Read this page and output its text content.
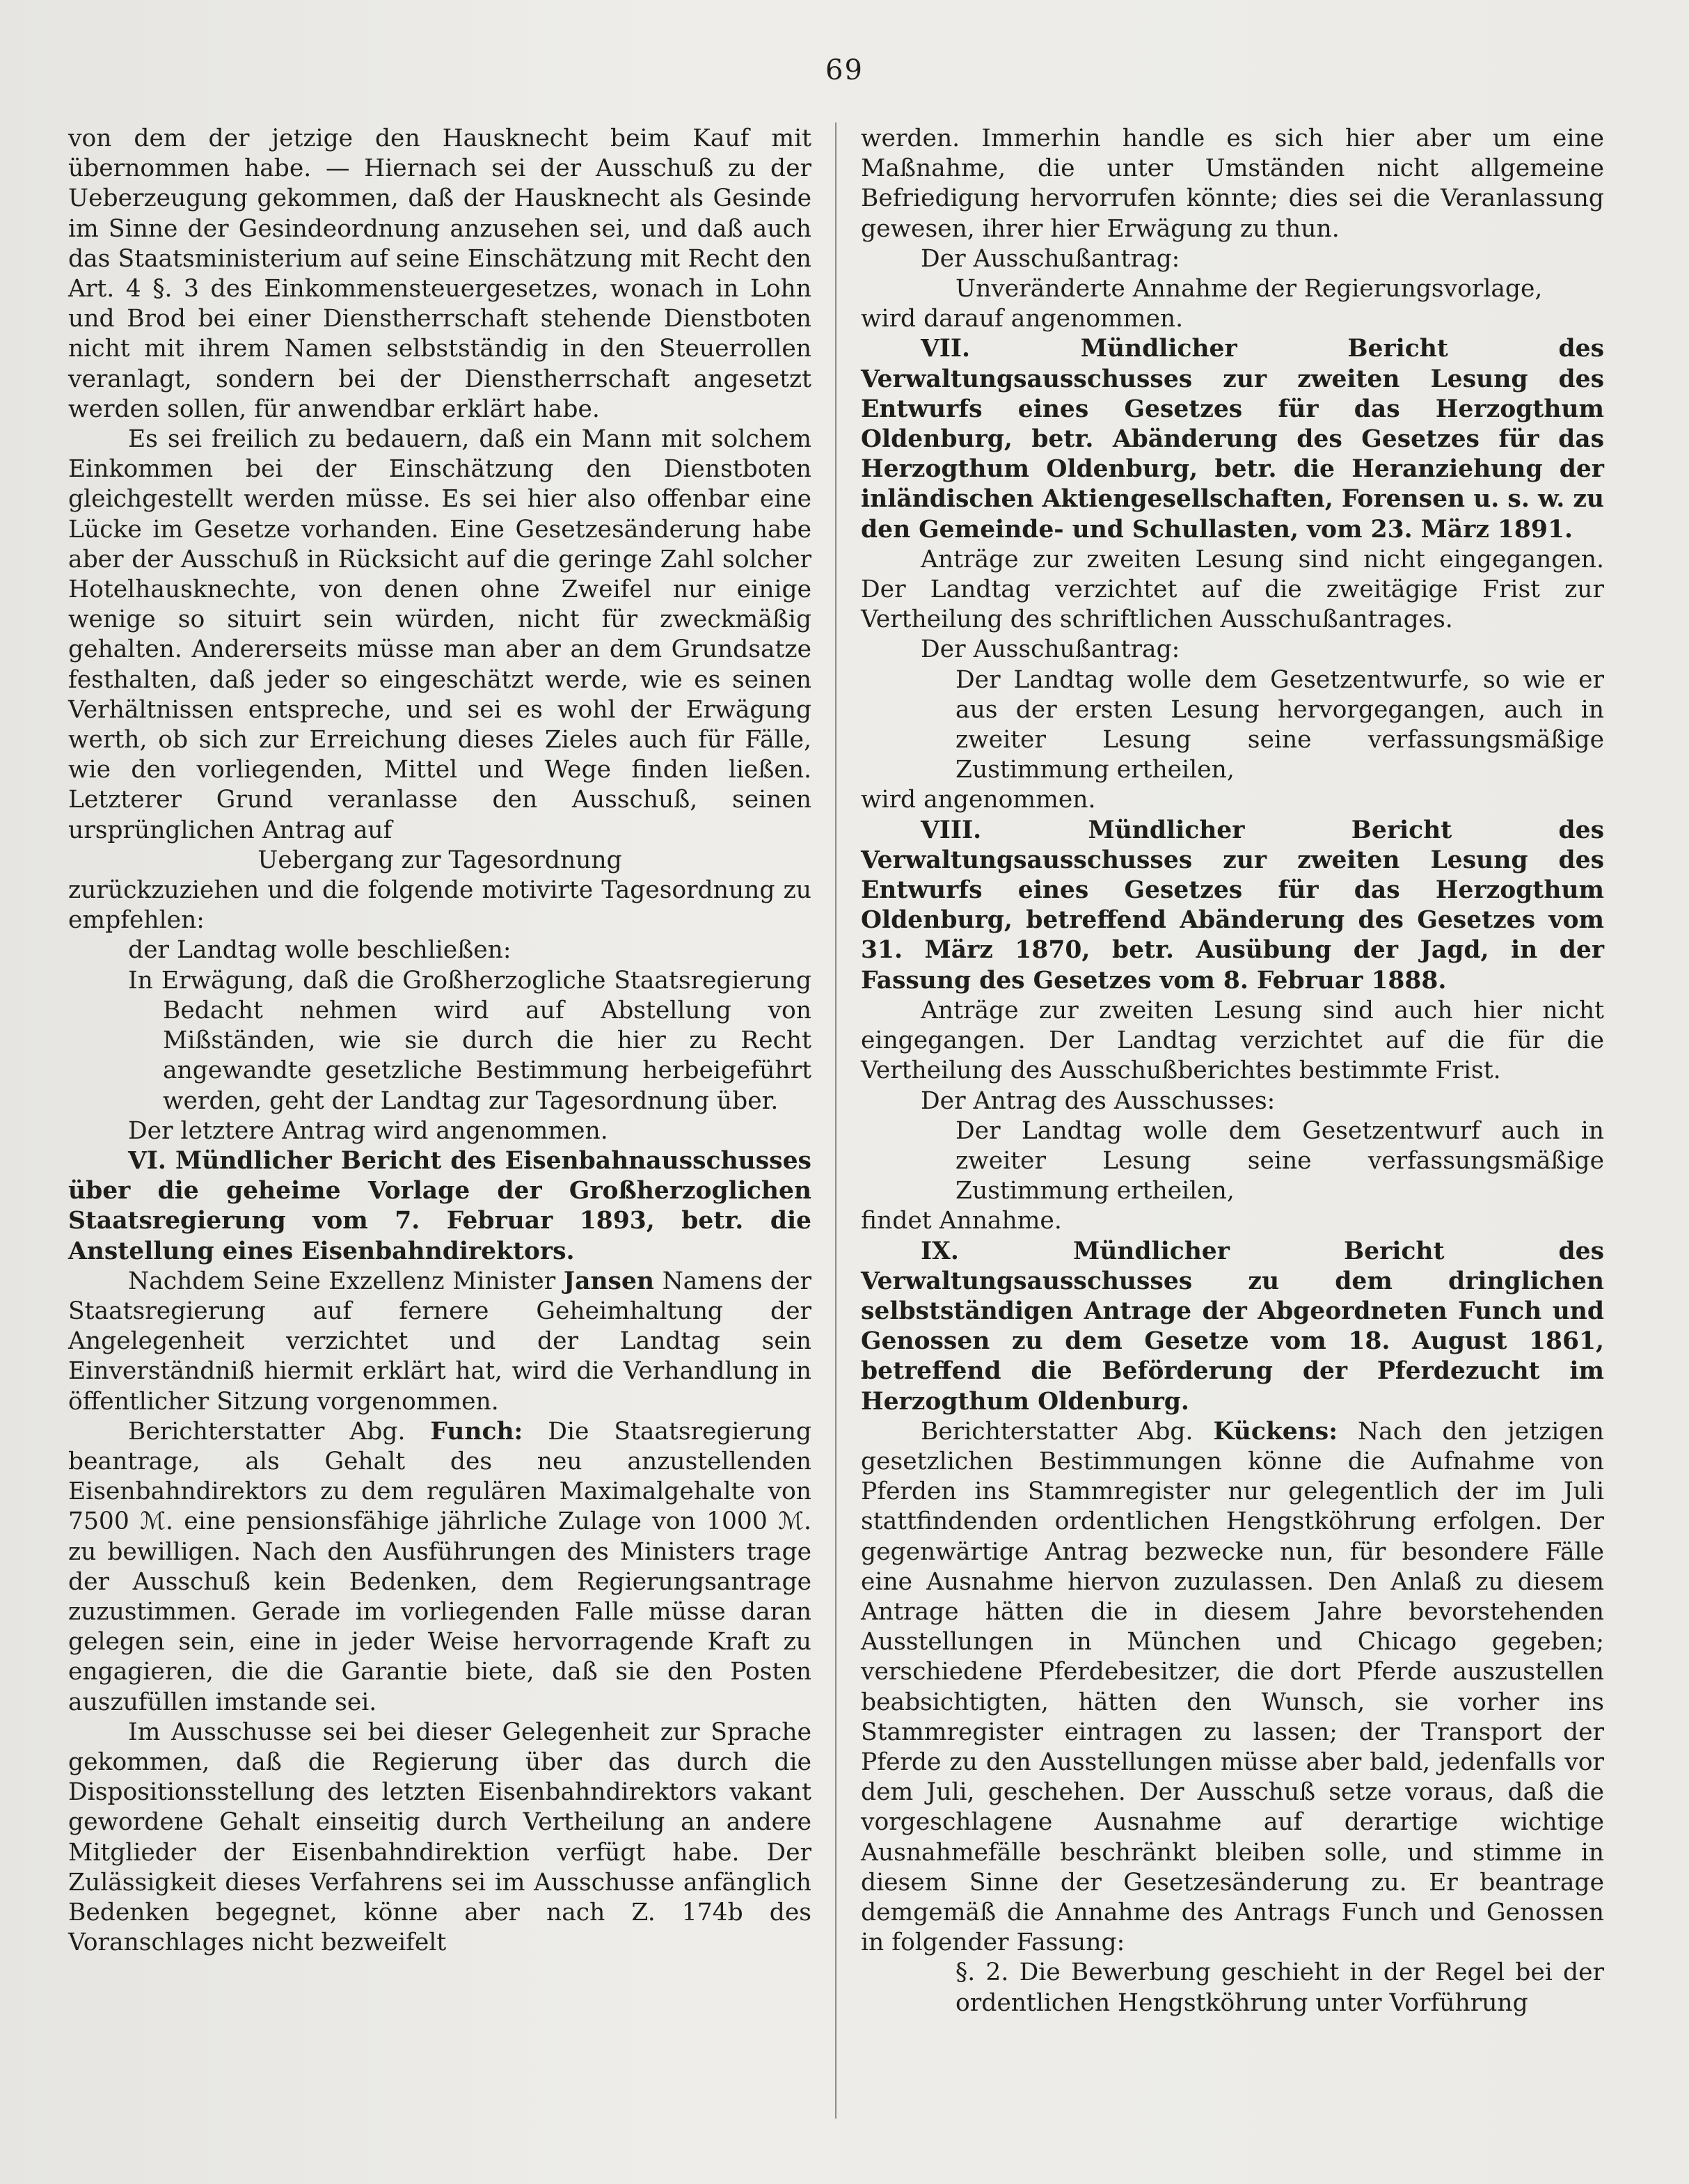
69

von dem der jetzige den Hausknecht beim Kauf mit übernommen habe. — Hiernach sei der Ausschuß zu der Ueberzeugung gekommen, daß der Hausknecht als Gesinde im Sinne der Gesindeordnung anzusehen sei, und daß auch das Staatsministerium auf seine Einschätzung mit Recht den Art. 4 §. 3 des Einkommensteuergesetzes, wonach in Lohn und Brod bei einer Dienstherrschaft stehende Dienstboten nicht mit ihrem Namen selbstständig in den Steuerrollen veranlagt, sondern bei der Dienstherrschaft angesetzt werden sollen, für anwendbar erklärt habe.

Es sei freilich zu bedauern, daß ein Mann mit solchem Einkommen bei der Einschätzung den Dienstboten gleichgestellt werden müsse. Es sei hier also offenbar eine Lücke im Gesetze vorhanden. Eine Gesetzesänderung habe aber der Ausschuß in Rücksicht auf die geringe Zahl solcher Hotelhausknechte, von denen ohne Zweifel nur einige wenige so situirt sein würden, nicht für zweckmäßig gehalten. Andererseits müsse man aber an dem Grundsatze festhalten, daß jeder so eingeschätzt werde, wie es seinen Verhältnissen entspreche, und sei es wohl der Erwägung werth, ob sich zur Erreichung dieses Zieles auch für Fälle, wie den vorliegenden, Mittel und Wege finden ließen. Letzterer Grund veranlasse den Ausschuß, seinen ursprünglichen Antrag auf

Uebergang zur Tagesordnung

zurückzuziehen und die folgende motivirte Tagesordnung zu empfehlen:

der Landtag wolle beschließen:

In Erwägung, daß die Großherzogliche Staatsregierung Bedacht nehmen wird auf Abstellung von Mißständen, wie sie durch die hier zu Recht angewandte gesetzliche Bestimmung herbeigeführt werden, geht der Landtag zur Tagesordnung über.

Der letztere Antrag wird angenommen.

VI. Mündlicher Bericht des Eisenbahnausschusses über die geheime Vorlage der Großherzoglichen Staatsregierung vom 7. Februar 1893, betr. die Anstellung eines Eisenbahndirektors.

Nachdem Seine Exzellenz Minister Jansen Namens der Staatsregierung auf fernere Geheimhaltung der Angelegenheit verzichtet und der Landtag sein Einverständniß hiermit erklärt hat, wird die Verhandlung in öffentlicher Sitzung vorgenommen.

Berichterstatter Abg. Funch: Die Staatsregierung beantrage, als Gehalt des neu anzustellenden Eisenbahndirektors zu dem regulären Maximalgehalte von 7500 ℳ. eine pensionsfähige jährliche Zulage von 1000 ℳ. zu bewilligen. Nach den Ausführungen des Ministers trage der Ausschuß kein Bedenken, dem Regierungsantrage zuzustimmen. Gerade im vorliegenden Falle müsse daran gelegen sein, eine in jeder Weise hervorragende Kraft zu engagieren, die die Garantie biete, daß sie den Posten auszufüllen imstande sei.

Im Ausschusse sei bei dieser Gelegenheit zur Sprache gekommen, daß die Regierung über das durch die Dispositionsstellung des letzten Eisenbahndirektors vakant gewordene Gehalt einseitig durch Vertheilung an andere Mitglieder der Eisenbahndirektion verfügt habe. Der Zulässigkeit dieses Verfahrens sei im Ausschusse anfänglich Bedenken begegnet, könne aber nach Z. 174b des Voranschlages nicht bezweifelt

werden. Immerhin handle es sich hier aber um eine Maßnahme, die unter Umständen nicht allgemeine Befriedigung hervorrufen könnte; dies sei die Veranlassung gewesen, ihrer hier Erwägung zu thun.

Der Ausschußantrag:

Unveränderte Annahme der Regierungsvorlage,

wird darauf angenommen.

VII.	Mündlicher Bericht des Verwaltungsausschusses zur zweiten Lesung des Entwurfs eines Gesetzes für das Herzogthum Oldenburg, betr. Abänderung des Gesetzes für das Herzogthum Oldenburg, betr. die Heranziehung der inländischen Aktiengesellschaften, Forensen u. s. w. zu den Gemeinde- und Schullasten, vom 23. März 1891.

Anträge zur zweiten Lesung sind nicht eingegangen. Der Landtag verzichtet auf die zweitägige Frist zur Vertheilung des schriftlichen Ausschußantrages.

Der Ausschußantrag:

Der Landtag wolle dem Gesetzentwurfe, so wie er aus der ersten Lesung hervorgegangen, auch in zweiter Lesung seine verfassungsmäßige Zustimmung ertheilen,

wird angenommen.

VIII.	Mündlicher Bericht des Verwaltungsausschusses zur zweiten Lesung des Entwurfs eines Gesetzes für das Herzogthum Oldenburg, betreffend Abänderung des Gesetzes vom 31. März 1870, betr. Ausübung der Jagd, in der Fassung des Gesetzes vom 8. Februar 1888.

Anträge zur zweiten Lesung sind auch hier nicht eingegangen. Der Landtag verzichtet auf die für die Vertheilung des Ausschußberichtes bestimmte Frist.

Der Antrag des Ausschusses:

Der Landtag wolle dem Gesetzentwurf auch in zweiter Lesung seine verfassungsmäßige Zustimmung ertheilen,

findet Annahme.

IX.	Mündlicher Bericht des Verwaltungsausschusses zu dem dringlichen selbstständigen Antrage der Abgeordneten Funch und Genossen zu dem Gesetze vom 18. August 1861, betreffend die Beförderung der Pferdezucht im Herzogthum Oldenburg.

Berichterstatter Abg. Kückens: Nach den jetzigen gesetzlichen Bestimmungen könne die Aufnahme von Pferden ins Stammregister nur gelegentlich der im Juli stattfindenden ordentlichen Hengstköhrung erfolgen. Der gegenwärtige Antrag bezwecke nun, für besondere Fälle eine Ausnahme hiervon zuzulassen. Den Anlaß zu diesem Antrage hätten die in diesem Jahre bevorstehenden Ausstellungen in München und Chicago gegeben; verschiedene Pferdebesitzer, die dort Pferde auszustellen beabsichtigten, hätten den Wunsch, sie vorher ins Stammregister eintragen zu lassen; der Transport der Pferde zu den Ausstellungen müsse aber bald, jedenfalls vor dem Juli, geschehen. Der Ausschuß setze voraus, daß die vorgeschlagene Ausnahme auf derartige wichtige Ausnahmefälle beschränkt bleiben solle, und stimme in diesem Sinne der Gesetzesänderung zu. Er beantrage demgemäß die Annahme des Antrags Funch und Genossen in folgender Fassung:

§. 2. Die Bewerbung geschieht in der Regel bei der ordentlichen Hengstköhrung unter Vorführung
